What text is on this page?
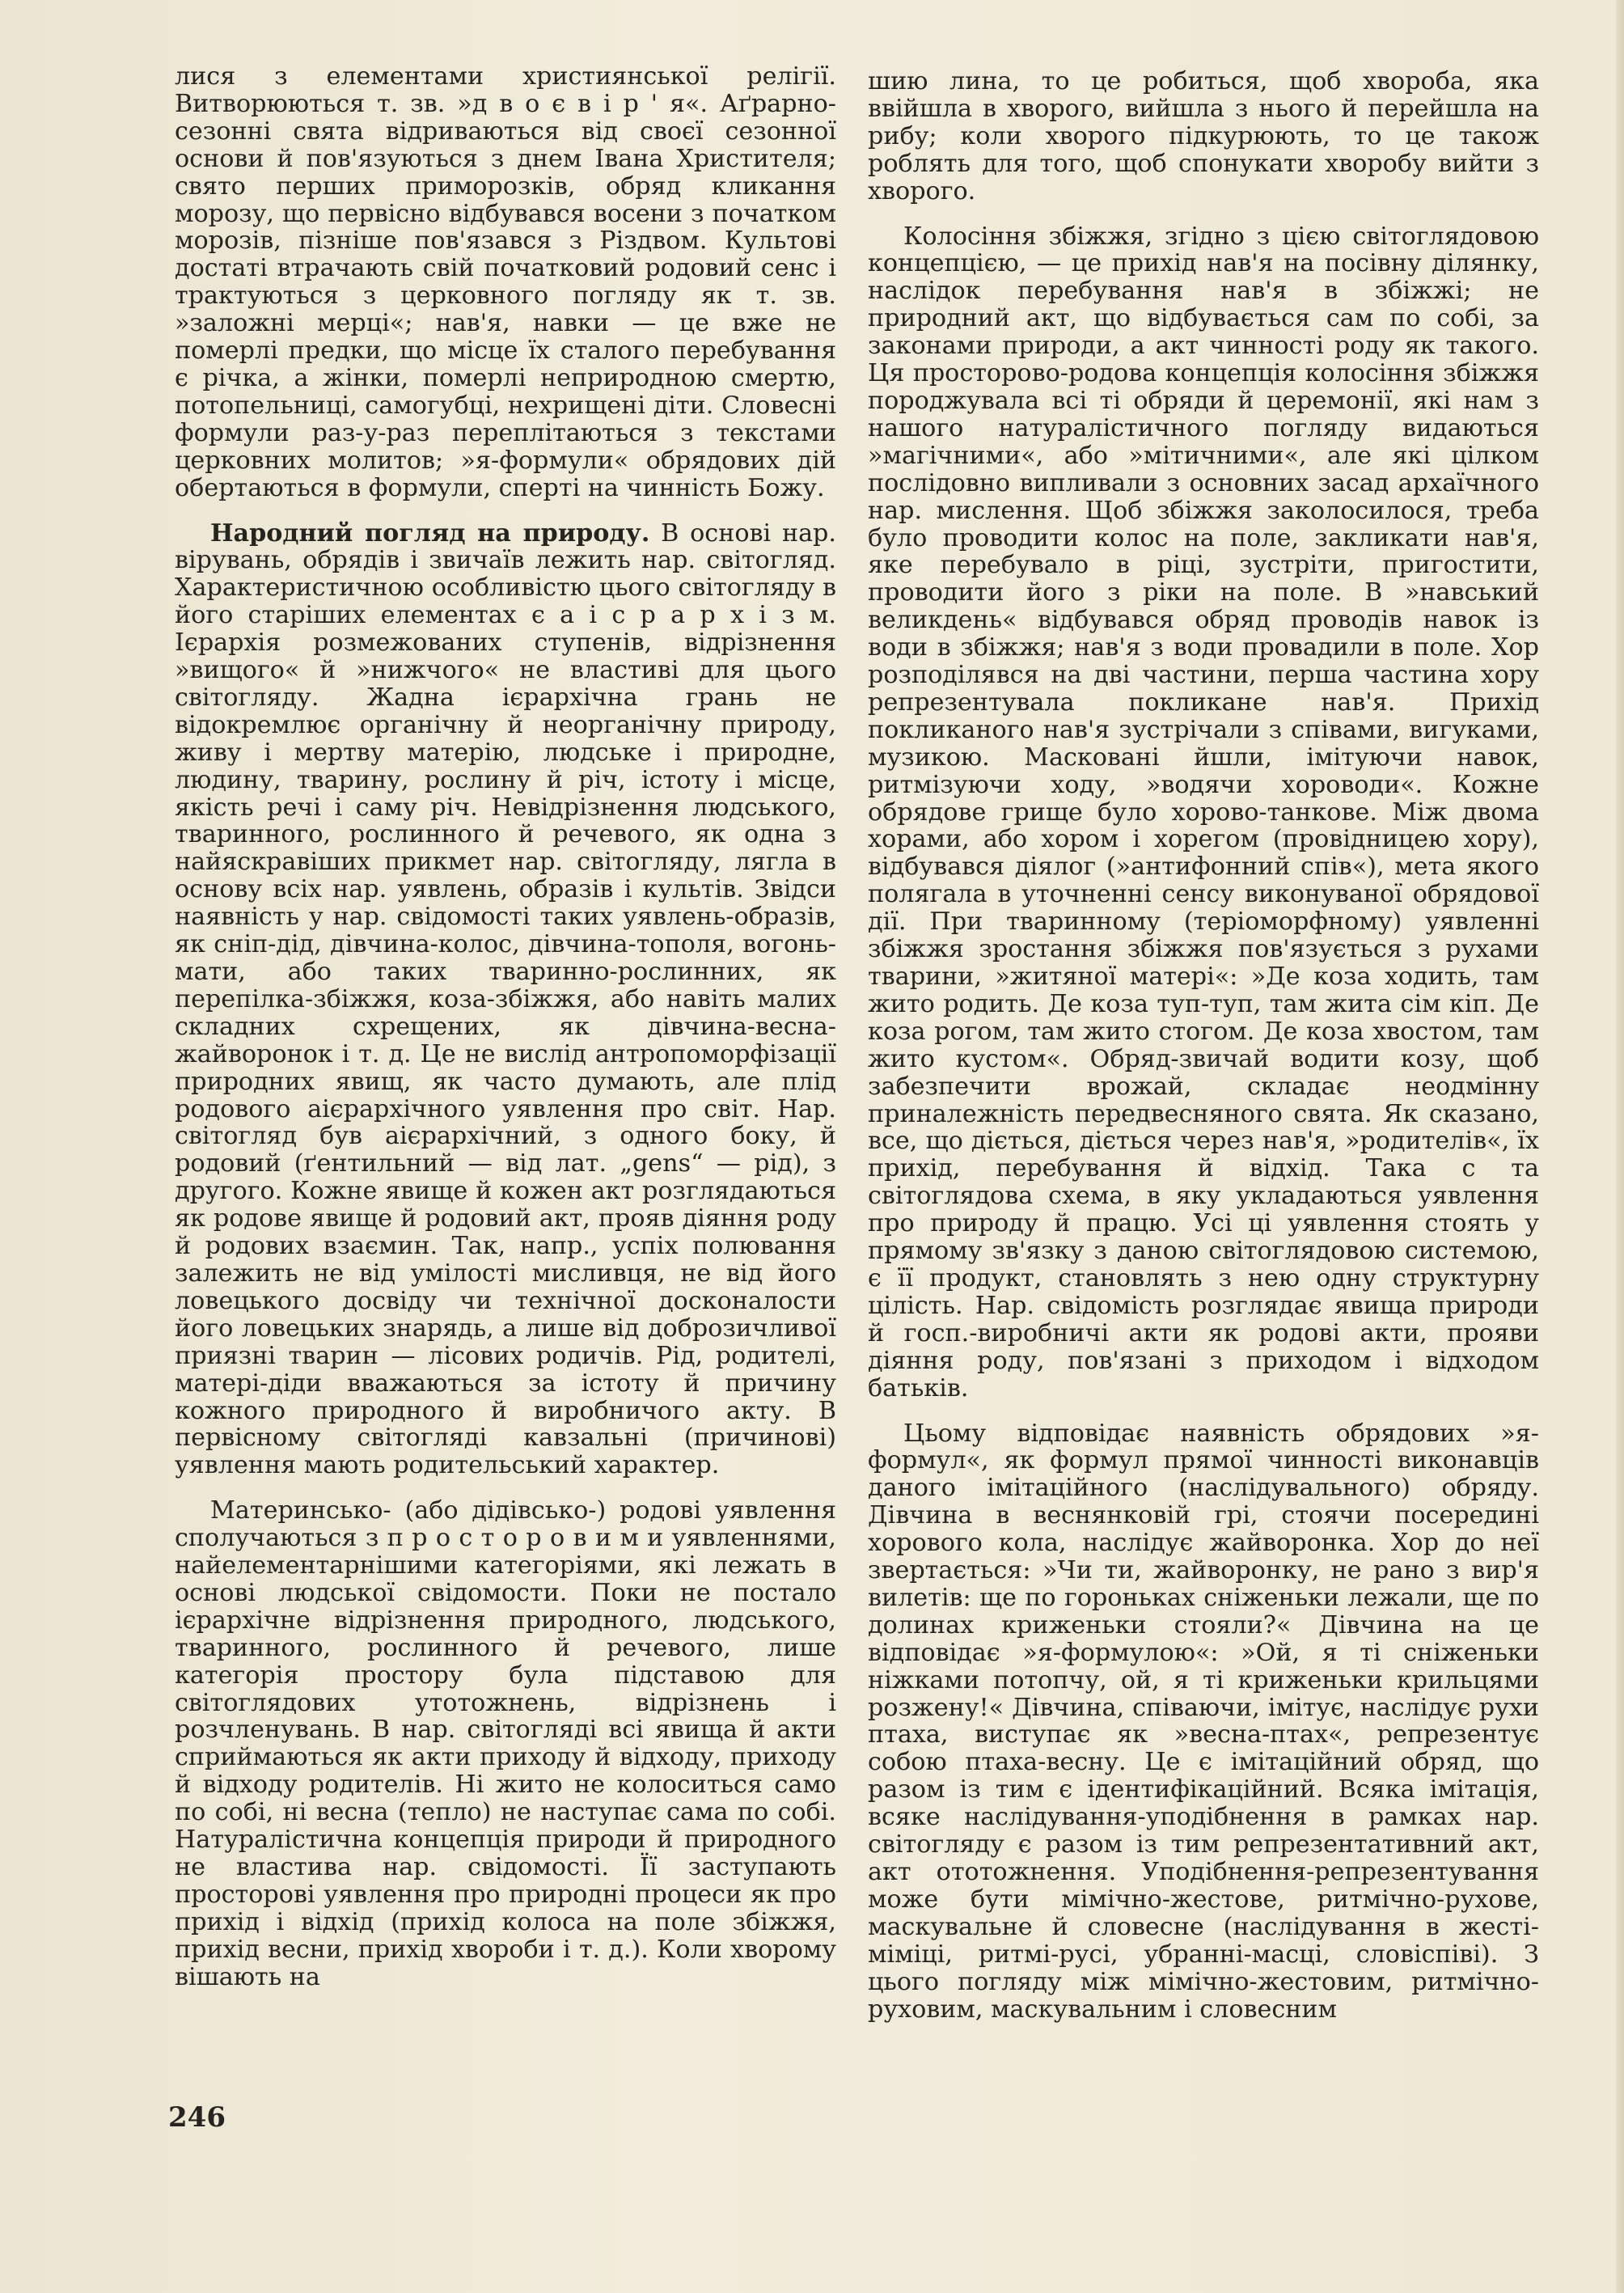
лися з елементами християнської релігії. Витворюються т. зв. »д в о є в і р ' я«. Аґрарно-сезонні свята відриваються від своєї сезонної основи й пов'язуються з днем Івана Христителя; свято перших приморозків, обряд кликання морозу, що первісно відбувався восени з початком морозів, пізніше пов'язався з Різдвом. Культові достаті втрачають свій початковий родовий сенс і трактуються з церковного погляду як т. зв. »заложні мерці«; нав'я, навки — це вже не померлі предки, що місце їх сталого перебування є річка, а жінки, померлі неприродною смертю, потопельниці, самогубці, нехрищені діти. Словесні формули раз-у-раз переплітаються з текстами церковних молитов; »я-формули« обрядових дій обертаються в формули, сперті на чинність Божу.

Народний погляд на природу. В основі нар. вірувань, обрядів і звичаїв лежить нар. світогляд. Характеристичною особливістю цього світогляду в його старіших елементах є а і с р а р х і з м. Ієрархія розмежованих ступенів, відрізнення »вищого« й »нижчого« не властиві для цього світогляду. Жадна ієрархічна грань не відокремлює органічну й неорганічну природу, живу і мертву матерію, людське і природне, людину, тварину, рослину й річ, істоту і місце, якість речі і саму річ. Невідрізнення людського, тваринного, рослинного й речевого, як одна з найяскравіших прикмет нар. світогляду, лягла в основу всіх нар. уявлень, образів і культів. Звідси наявність у нар. свідомості таких уявлень-образів, як сніп-дід, дівчина-колос, дівчина-тополя, вогонь-мати, або таких тваринно-рослинних, як перепілка-збіжжя, коза-збіжжя, або навіть малих складних схрещених, як дівчина-весна-жайворонок і т. д. Це не вислід антропоморфізації природних явищ, як часто думають, але плід родового аієрархічного уявлення про світ. Нар. світогляд був аієрархічний, з одного боку, й родовий (ґентильний — від лат. „gens“ — рід), з другого. Кожне явище й кожен акт розглядаються як родове явище й родовий акт, прояв діяння роду й родових взаємин. Так, напр., успіх полювання залежить не від умілості мисливця, не від його ловецького досвіду чи технічної досконалости його ловецьких знарядь, а лише від доброзичливої приязні тварин — лісових родичів. Рід, родителі, матері-діди вважаються за істоту й причину кожного природного й виробничого акту. В первісному світогляді кавзальні (причинові) уявлення мають родительський характер.

Материнсько- (або дідівсько-) родові уявлення сполучаються з п р о с т о р о в и м и уявленнями, найелементарнішими категоріями, які лежать в основі людської свідомости. Поки не постало ієрархічне відрізнення природного, людського, тваринного, рослинного й речевого, лише категорія простору була підставою для світоглядових утотожнень, відрізнень і розчленувань. В нар. світогляді всі явища й акти сприймаються як акти приходу й відходу, приходу й відходу родителів. Ні жито не колоситься само по собі, ні весна (тепло) не наступає сама по собі. Натуралістична концепція природи й природного не властива нар. свідомості. Її заступають просторові уявлення про природні процеси як про прихід і відхід (прихід колоса на поле збіжжя, прихід весни, прихід хвороби і т. д.). Коли хворому вішають на

шию лина, то це робиться, щоб хвороба, яка ввійшла в хворого, вийшла з нього й перейшла на рибу; коли хворого підкурюють, то це також роблять для того, щоб спонукати хворобу вийти з хворого.

Колосіння збіжжя, згідно з цією світоглядовою концепцією, — це прихід нав'я на посівну ділянку, наслідок перебування нав'я в збіжжі; не природний акт, що відбувається сам по собі, за законами природи, а акт чинності роду як такого. Ця просторово-родова концепція колосіння збіжжя породжувала всі ті обряди й церемонії, які нам з нашого натуралістичного погляду видаються »магічними«, або »мітичними«, але які цілком послідовно випливали з основних засад архаїчного нар. мислення. Щоб збіжжя заколосилося, треба було проводити колос на поле, закликати нав'я, яке перебувало в ріці, зустріти, пригостити, проводити його з ріки на поле. В »навський великдень« відбувався обряд проводів навок із води в збіжжя; нав'я з води провадили в поле. Хор розподілявся на дві частини, перша частина хору репрезентувала покликане нав'я. Прихід покликаного нав'я зустрічали з співами, вигуками, музикою. Масковані йшли, імітуючи навок, ритмізуючи ходу, »водячи хороводи«. Кожне обрядове грище було хорово-танкове. Між двома хорами, або хором і хорегом (провідницею хору), відбувався діялог (»антифонний спів«), мета якого полягала в уточненні сенсу виконуваної обрядової дії. При тваринному (теріоморфному) уявленні збіжжя зростання збіжжя пов'язується з рухами тварини, »житяної матері«: »Де коза ходить, там жито родить. Де коза туп-туп, там жита сім кіп. Де коза рогом, там жито стогом. Де коза хвостом, там жито кустом«. Обряд-звичай водити козу, щоб забезпечити врожай, складає неодмінну приналежність передвесняного свята. Як сказано, все, що діється, діється через нав'я, »родителів«, їх прихід, перебування й відхід. Така с та світоглядова схема, в яку укладаються уявлення про природу й працю. Усі ці уявлення стоять у прямому зв'язку з даною світоглядовою системою, є її продукт, становлять з нею одну структурну цілість. Нар. свідомість розглядає явища природи й госп.-виробничі акти як родові акти, прояви діяння роду, пов'язані з приходом і відходом батьків.

Цьому відповідає наявність обрядових »я-формул«, як формул прямої чинності виконавців даного імітаційного (наслідувального) обряду. Дівчина в веснянковій грі, стоячи посередині хорового кола, наслідує жайворонка. Хор до неї звертається: »Чи ти, жайворонку, не рано з вир'я вилетів: ще по гороньках сніженьки лежали, ще по долинах криженьки стояли?« Дівчина на це відповідає »я-формулою«: »Ой, я ті сніженьки ніжками потопчу, ой, я ті криженьки крильцями розжену!« Дівчина, співаючи, імітує, наслідує рухи птаха, виступає як »весна-птах«, репрезентує собою птаха-весну. Це є імітаційний обряд, що разом із тим є ідентифікаційний. Всяка імітація, всяке наслідування-уподібнення в рамках нар. світогляду є разом із тим репрезентативний акт, акт ототожнення. Уподібнення-репрезентування може бути мімічно-жестове, ритмічно-рухове, маскувальне й словесне (наслідування в жесті-міміці, ритмі-русі, убранні-масці, словіспіві). З цього погляду між мімічно-жестовим, ритмічно-руховим, маскувальним і словесним

246
